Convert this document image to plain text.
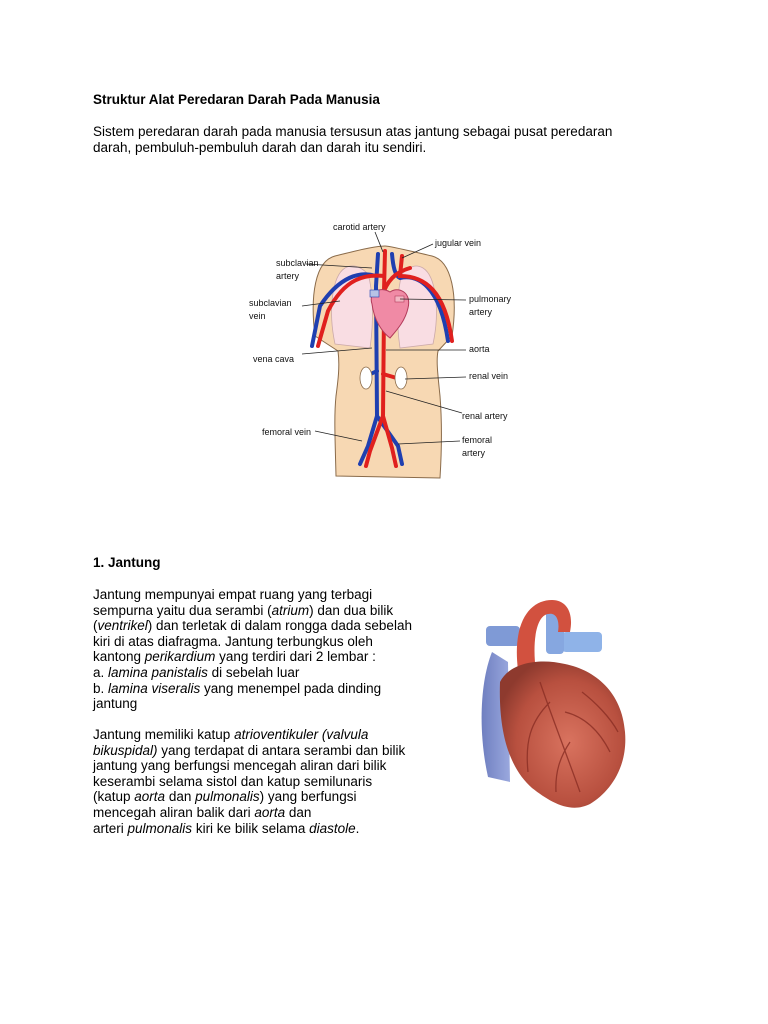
Struktur Alat Peredaran Darah Pada Manusia

Sistem peredaran darah pada manusia tersusun atas jantung sebagai pusat peredaran
darah, pembuluh-pembuluh darah dan darah itu sendiri.

carotid artery
jugular vein
subclavian
artery
subclavian
vein
pulmonary
artery
aorta
vena cava
renal vein
renal artery
femoral vein
femoral
artery
1. Jantung

Jantung mempunyai empat ruang yang terbagi
sempurna yaitu dua serambi (atrium) dan dua bilik
(ventrikel) dan terletak di dalam rongga dada sebelah
kiri di atas diafragma. Jantung terbungkus oleh
kantong perikardium yang terdiri dari 2 lembar :
a. lamina panistalis di sebelah luar
b. lamina viseralis yang menempel pada dinding
jantung

Jantung memiliki katup atrioventikuler (valvula
bikuspidal) yang terdapat di antara serambi dan bilik
jantung yang berfungsi mencegah aliran dari bilik
keserambi selama sistol dan katup semilunaris
(katup aorta dan pulmonalis) yang berfungsi
mencegah aliran balik dari aorta dan
arteri pulmonalis kiri ke bilik selama diastole.
